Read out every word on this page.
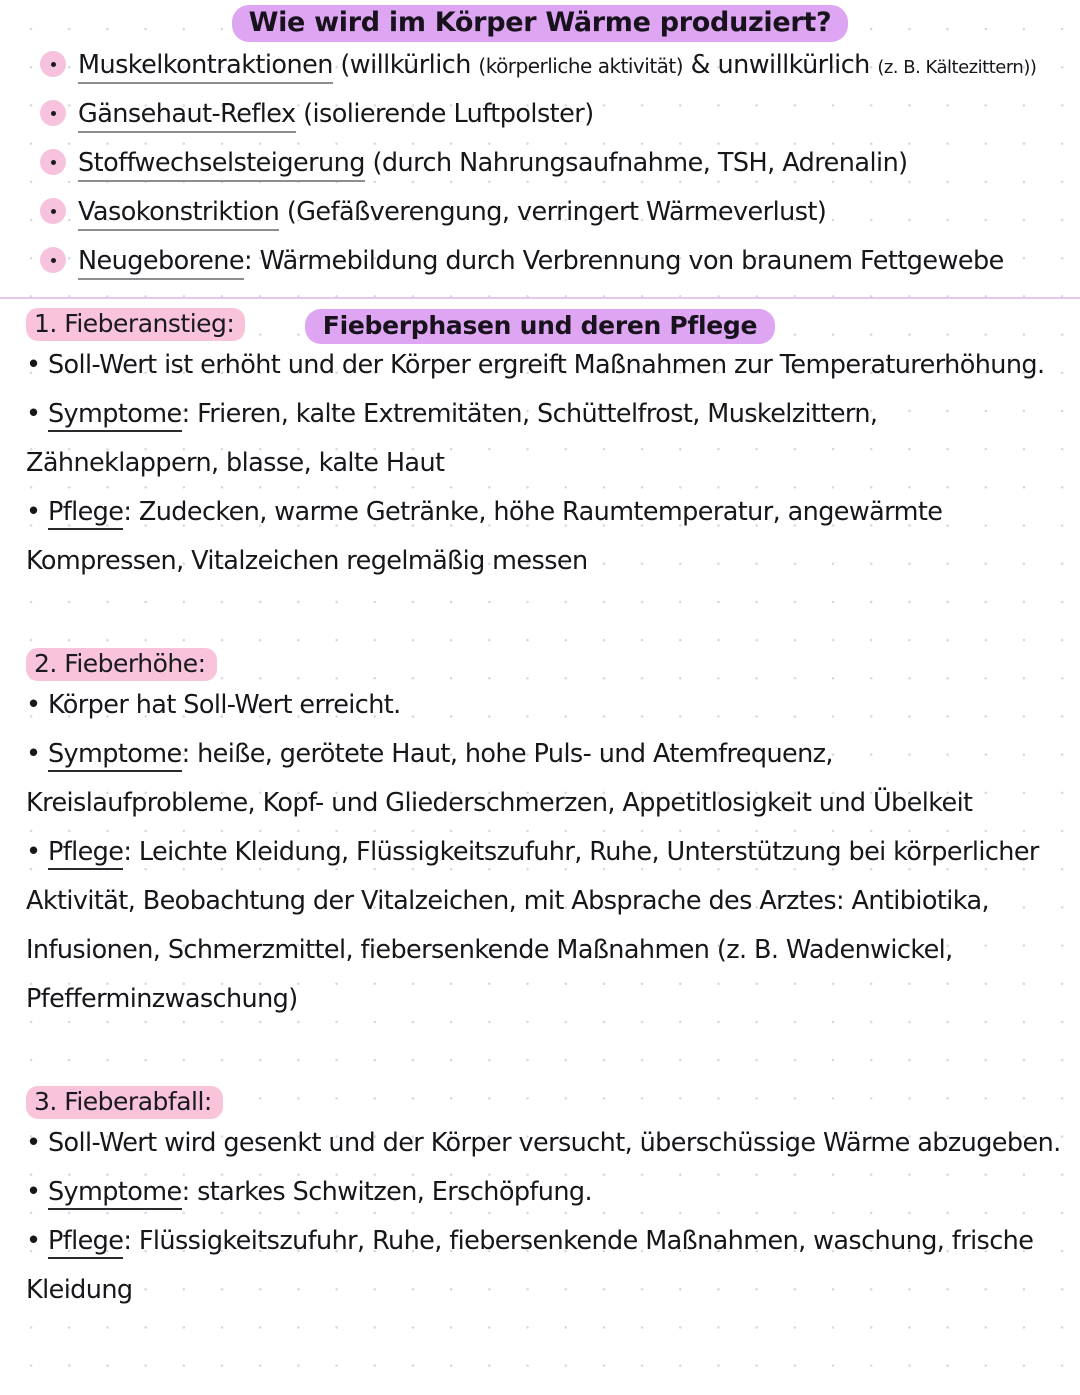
Wie wird im Körper Wärme produziert?
Muskelkontraktionen (willkürlich (körperliche aktivität) & unwillkürlich (z. B. Kältezittern))
Gänsehaut-Reflex (isolierende Luftpolster)
Stoffwechselsteigerung (durch Nahrungsaufnahme, TSH, Adrenalin)
Vasokonstriktion (Gefäßverengung, verringert Wärmeverlust)
Neugeborene: Wärmebildung durch Verbrennung von braunem Fettgewebe
Fieberphasen und deren Pflege
1. Fieberanstieg:

• Soll-Wert ist erhöht und der Körper ergreift Maßnahmen zur Temperaturerhöhung.

• Symptome: Frieren, kalte Extremitäten, Schüttelfrost, Muskelzittern, Zähneklappern, blasse, kalte Haut

• Pflege: Zudecken, warme Getränke, höhe Raumtemperatur, angewärmte Kompressen, Vitalzeichen regelmäßig messen

2. Fieberhöhe:

• Körper hat Soll-Wert erreicht.

• Symptome: heiße, gerötete Haut, hohe Puls- und Atemfrequenz, Kreislaufprobleme, Kopf- und Gliederschmerzen, Appetitlosigkeit und Übelkeit

• Pflege: Leichte Kleidung, Flüssigkeitszufuhr, Ruhe, Unterstützung bei körperlicher Aktivität, Beobachtung der Vitalzeichen, mit Absprache des Arztes: Antibiotika, Infusionen, Schmerzmittel, fiebersenkende Maßnahmen (z. B. Wadenwickel, Pfefferminzwaschung)

3. Fieberabfall:

• Soll-Wert wird gesenkt und der Körper versucht, überschüssige Wärme abzugeben.

• Symptome: starkes Schwitzen, Erschöpfung.

• Pflege: Flüssigkeitszufuhr, Ruhe, fiebersenkende Maßnahmen, waschung, frische Kleidung
